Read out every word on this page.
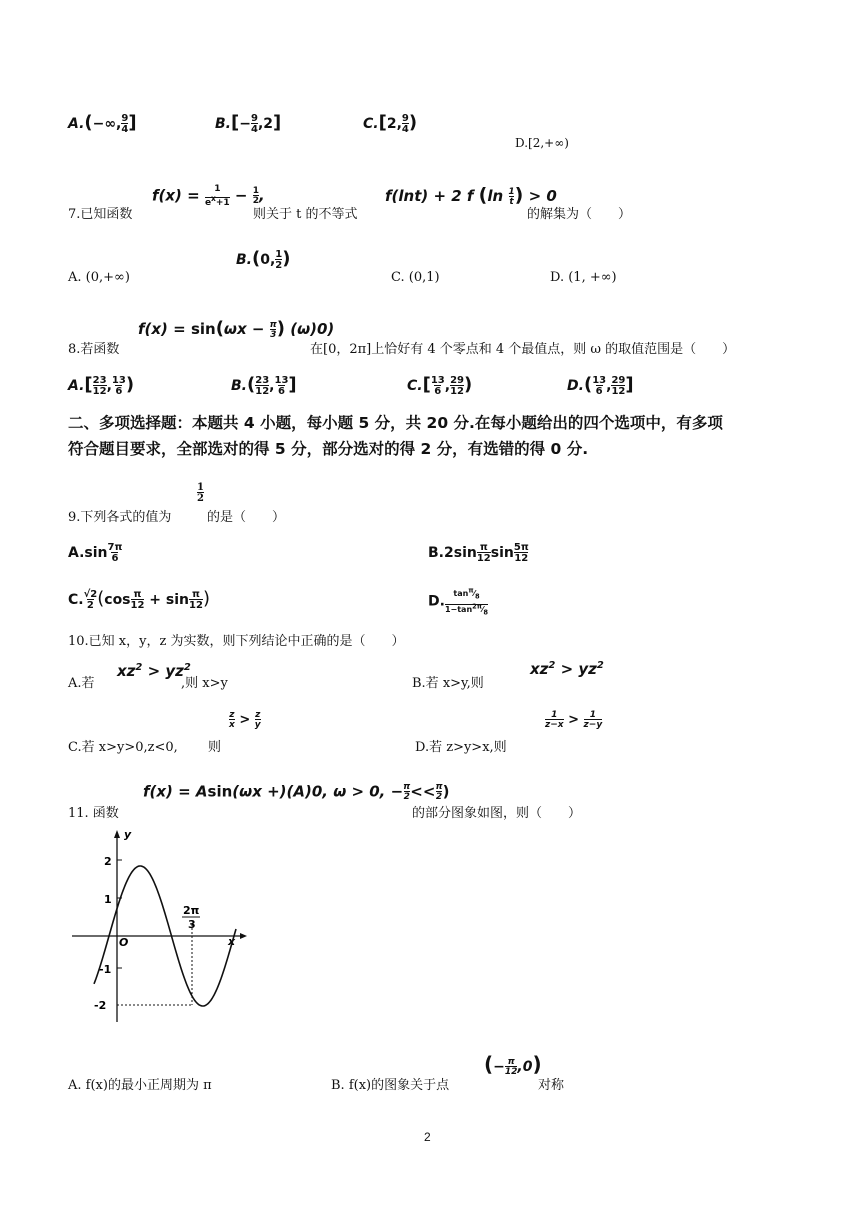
$A.(-\infty,\frac{9}{4}]$	$B.[-\frac{9}{4},2]$	$C.[2,\frac{9}{4})$
D.[2,+∞)
7.已知函数
$f(x) = \frac{1}{e^x+1} - \frac{1}{2}$,
则关于 t 的不等式
f(lnt) + 2 f $(\ln \frac{1}{t}) > 0$
的解集为（　　）
A. (0,+∞)
$B.(0,\frac{1}{2})$
C. (0,1)	D. (1, +∞)
8.若函数
$f(x) = \sin(\omega x - \frac{\pi}{3})$ (ω)0)
在[0，2π]上恰好有 4 个零点和 4 个最值点，则 ω 的取值范围是（　　）
$A.[\frac{23}{12},\frac{13}{6})$	$B.(\frac{23}{12},\frac{13}{6}]$	$C.[\frac{13}{6},\frac{29}{12})$	$D.(\frac{13}{6},\frac{29}{12}]$
二、多项选择题：本题共 4 小题，每小题 5 分，共 20 分.在每小题给出的四个选项中，有多项
符合题目要求，全部选对的得 5 分，部分选对的得 2 分，有选错的得 0 分.
9.下列各式的值为
1
2
的是（　　）
$A.\sin\frac{7\pi}{6}$	$B.2\sin\frac{\pi}{12}\sin\frac{5\pi}{12}$
$C.\frac{√2}{2}(\cos\frac{\pi}{12} + \sin\frac{\pi}{12})$	$D.\frac{\tan^\pi⁄_8}{1-\tan^{2\pi}⁄_8}$
10.已知 x，y，z 为实数，则下列结论中正确的是（　　）
A.若
$xz^2 > yz^2$
,则 x>y	B.若 x>y,则
$xz^2 > yz^2$
C.若 x>y>0,z<0, 则
$\frac{z}{x} > \frac{z}{y}$
D.若 z>y>x,则
$\frac{1}{z-x} > \frac{1}{z-y}$
11. 函数
f(x) = Asin(ωx +)(A)0, ω > 0, $-\frac{\pi}{2}<<\frac{\pi}{2}$)
的部分图象如图，则（　　）
y
x
O
2
1
-1
-2
2π
3
2π/3
A. f(x)的最小正周期为 π	B. f(x)的图象关于点
$(-\frac{\pi}{12},0)$
对称
2
